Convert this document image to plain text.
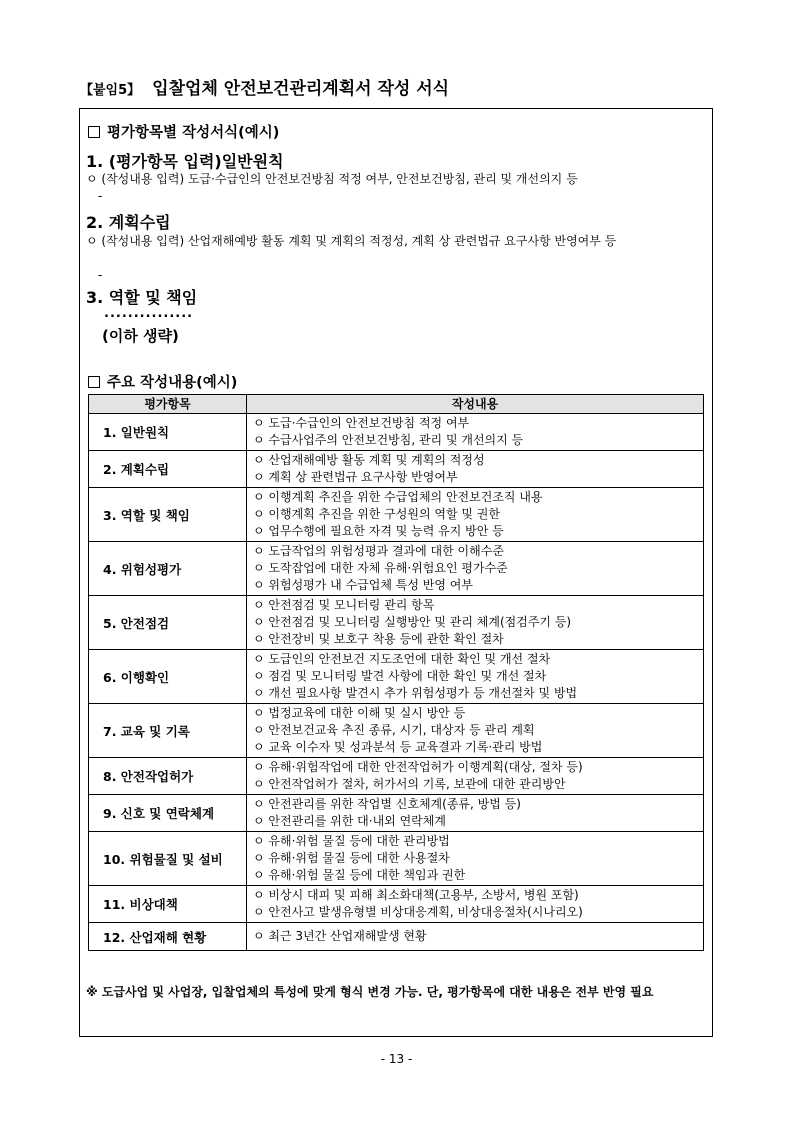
【붙임5】 입찰업체 안전보건관리계획서 작성 서식
평가항목별 작성서식(예시)
1. (평가항목 입력)일반원칙
ㅇ (작성내용 입력) 도급·수급인의 안전보건방침 적정 여부, 안전보건방침, 관리 및 개선의지 등
-
2. 계획수립
ㅇ (작성내용 입력) 산업재해예방 활동 계획 및 계획의 적정성, 계획 상 관련법규 요구사항 반영여부 등
-
3. 역할 및 책임
...............
(이하 생략)
주요 작성내용(예시)
평가항목	작성내용
1. 일반원칙	ㅇ 도급·수급인의 안전보건방침 적정 여부
ㅇ 수급사업주의 안전보건방침, 관리 및 개선의지 등

2. 계획수립	ㅇ 산업재해예방 활동 계획 및 계획의 적정성
ㅇ 계획 상 관련법규 요구사항 반영여부

3. 역할 및 책임	ㅇ 이행계획 추진을 위한 수급업체의 안전보건조직 내용
ㅇ 이행계획 추진을 위한 구성원의 역할 및 권한
ㅇ 업무수행에 필요한 자격 및 능력 유지 방안 등

4. 위험성평가	ㅇ 도급작업의 위험성평과 결과에 대한 이해수준
ㅇ 도작잡업에 대한 자체 유해·위험요인 평가수준
ㅇ 위험성평가 내 수급업체 특성 반영 여부

5. 안전점검	ㅇ 안전점검 및 모니터링 관리 항목
ㅇ 안전점검 및 모니터링 실행방안 및 관리 체계(점검주기 등)
ㅇ 안전장비 및 보호구 착용 등에 관한 확인 절차

6. 이행확인	ㅇ 도급인의 안전보건 지도조언에 대한 확인 및 개선 절차
ㅇ 점검 및 모니터링 발견 사항에 대한 확인 및 개선 절차
ㅇ 개선 필요사항 발견시 추가 위험성평가 등 개선절차 및 방법

7. 교육 및 기록	ㅇ 법정교육에 대한 이해 및 실시 방안 등
ㅇ 안전보건교육 추진 종류, 시기, 대상자 등 관리 계획
ㅇ 교육 이수자 및 성과분석 등 교육결과 기록·관리 방법

8. 안전작업허가	ㅇ 유해·위험작업에 대한 안전작업허가 이행계획(대상, 절차 등)
ㅇ 안전작업허가 절차, 허가서의 기록, 보관에 대한 관리방안

9. 신호 및 연락체계	ㅇ 안전관리를 위한 작업별 신호체계(종류, 방법 등)
ㅇ 안전관리를 위한 대·내외 연락체계

10. 위험물질 및 설비	ㅇ 유해·위험 물질 등에 대한 관리방법
ㅇ 유해·위험 물질 등에 대한 사용절차
ㅇ 유해·위험 물질 등에 대한 책임과 권한

11. 비상대책	ㅇ 비상시 대피 및 피해 최소화대책(고용부, 소방서, 병원 포함)
ㅇ 안전사고 발생유형별 비상대응계획, 비상대응절차(시나리오)

12. 산업재해 현황	ㅇ 최근 3년간 산업재해발생 현황
※ 도급사업 및 사업장, 입찰업체의 특성에 맞게 형식 변경 가능. 단, 평가항목에 대한 내용은 전부 반영 필요
- 13 -
